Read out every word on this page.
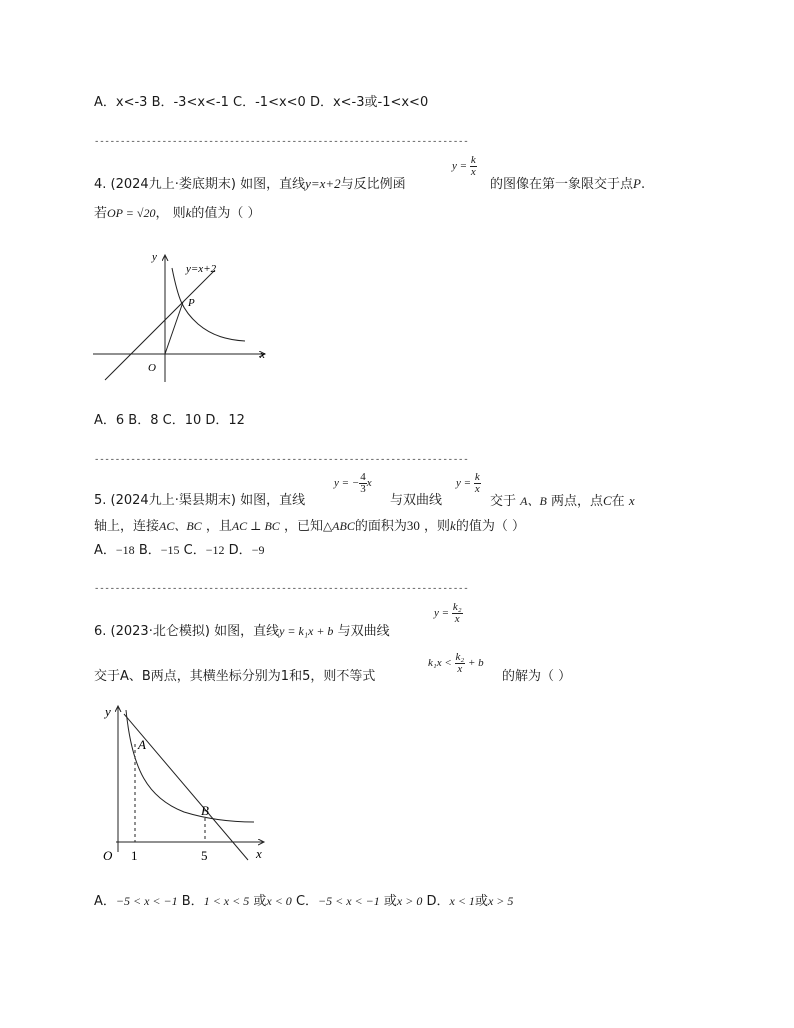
A．x<-3 B．-3<x<-1 C．-1<x<0 D．x<-3或-1<x<0
------------------------------------------------------------------------
4. (2024九上·娄底期末) 如图，直线y=x+2与反比例函
$y = \frac{k}{x}$
的图像在第一象限交于点P.
若OP = √20， 则k的值为（ ）
y=x+2
y
x
O
P
A．6 B．8 C．10 D．12
------------------------------------------------------------------------
5. (2024九上·渠县期末) 如图，直线
y = − $\frac{4}{3}$ x
与双曲线
$y = \frac{k}{x}$
交于 A、B 两点，点C在 x
轴上，连接AC、BC ，且AC ⊥ BC ，已知△ABC的面积为30 ，则k的值为（ ）
A．−18 B．−15 C．−12 D．−9
------------------------------------------------------------------------
6. (2023·北仑模拟) 如图，直线y = k₁x + b 与双曲线
$y = \frac{\text{k₂}}{x}$
交于A、B两点，其横坐标分别为1和5，则不等式
$k_1x < \frac{\text{k₂}}{x} + b$
的解为（ ）
y
x
O
A
B
1	5
A．−5 < x < −1 B．1 < x < 5 或x < 0 C．−5 < x < −1 或x > 0 D．x < 1或x > 5
